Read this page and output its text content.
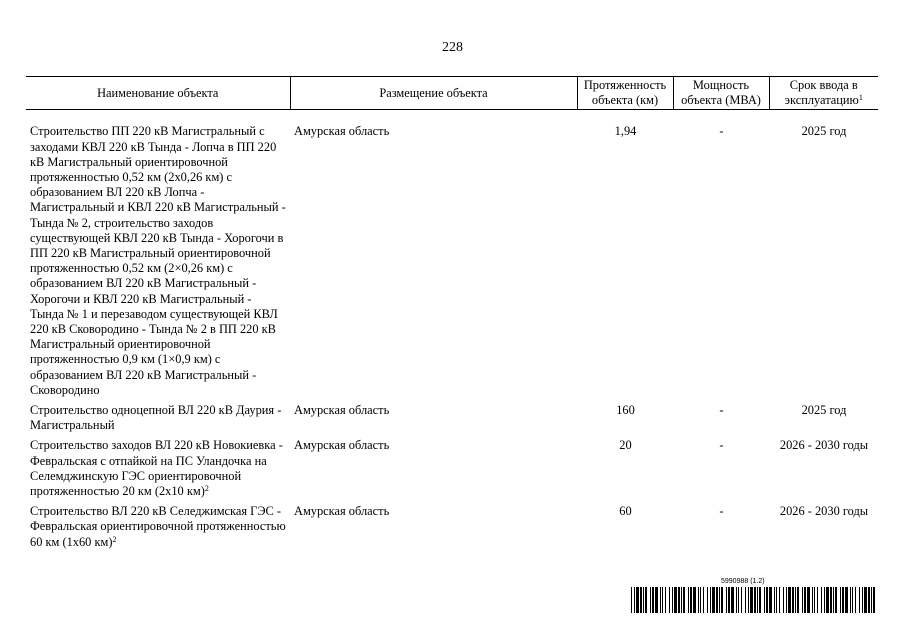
228
Наименование объекта	Размещение объекта	Протяженность объекта (км)	Мощность объекта (МВА)	Срок ввода в эксплуатацию$^1$

Строительство ПП 220 кВ Магистральный с заходами КВЛ 220 кВ Тында - Лопча в ПП 220 кВ Магистральный ориентировочной протяженностью 0,52 км (2х0,26 км) с образованием ВЛ 220 кВ Лопча - Магистральный и КВЛ 220 кВ Магистральный - Тында № 2, строительство заходов существующей КВЛ 220 кВ Тында - Хорогочи в ПП 220 кВ Магистральный ориентировочной протяженностью 0,52 км (2×0,26 км) с образованием ВЛ 220 кВ Магистральный - Хорогочи и КВЛ 220 кВ Магистральный - Тында № 1 и перезаводом существующей КВЛ 220 кВ Сковородино - Тында № 2 в ПП 220 кВ Магистральный ориентировочной протяженностью 0,9 км (1×0,9 км) с образованием ВЛ 220 кВ Магистральный - Сковородино	Амурская область	1,94	-	2025 год
Строительство одноцепной ВЛ 220 кВ Даурия - Магистральный	Амурская область	160	-	2025 год
Строительство заходов ВЛ 220 кВ Новокиевка - Февральская с отпайкой на ПС Уландочка на Селемджинскую ГЭС ориентировочной протяженностью 20 км (2х10 км)$^2$	Амурская область	20	-	2026 - 2030 годы
Строительство ВЛ 220 кВ Селеджимская ГЭС - Февральская ориентировочной протяженностью 60 км (1х60 км)$^2$	Амурская область	60	-	2026 - 2030 годы
5990988 (1.2)
